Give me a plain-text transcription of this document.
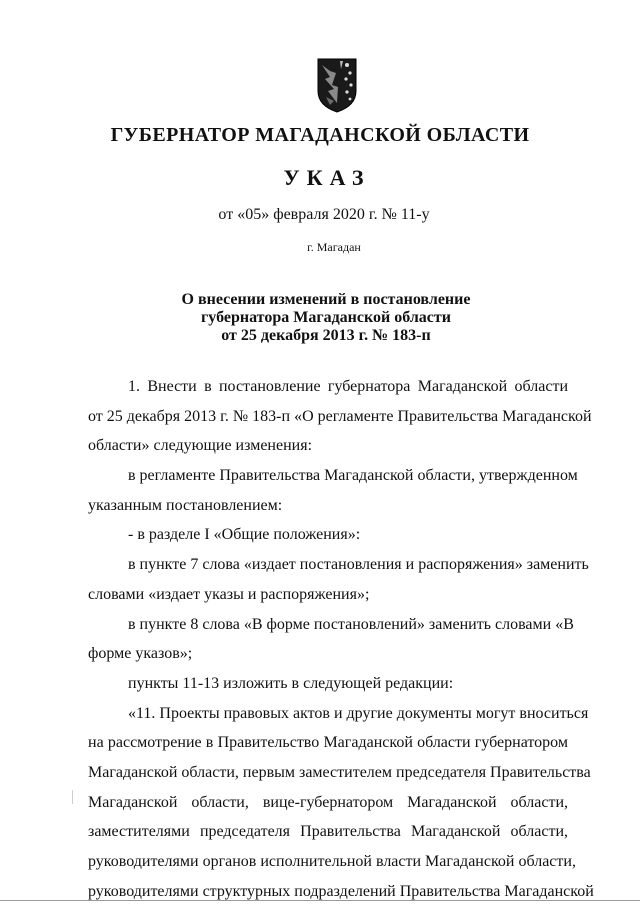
ГУБЕРНАТОР МАГАДАНСКОЙ ОБЛАСТИ
УКАЗ
от «05» февраля 2020 г. № 11-у
г. Магадан
О внесении изменений в постановление
губернатора Магаданской области
от 25 декабря 2013 г. № 183-п
1. Внести в постановление губернатора Магаданской области
от 25 декабря 2013 г. № 183-п «О регламенте Правительства Магаданской
области» следующие изменения:
в регламенте Правительства Магаданской области, утвержденном
указанным постановлением:
- в разделе I «Общие положения»:
в пункте 7 слова «издает постановления и распоряжения» заменить
словами «издает указы и распоряжения»;
в пункте 8 слова «В форме постановлений» заменить словами «В
форме указов»;
пункты 11-13 изложить в следующей редакции:
«11. Проекты правовых актов и другие документы могут вноситься
на рассмотрение в Правительство Магаданской области губернатором
Магаданской области, первым заместителем председателя Правительства
Магаданской области, вице-губернатором Магаданской области,
заместителями председателя Правительства Магаданской области,
руководителями органов исполнительной власти Магаданской области,
руководителями структурных подразделений Правительства Магаданской
